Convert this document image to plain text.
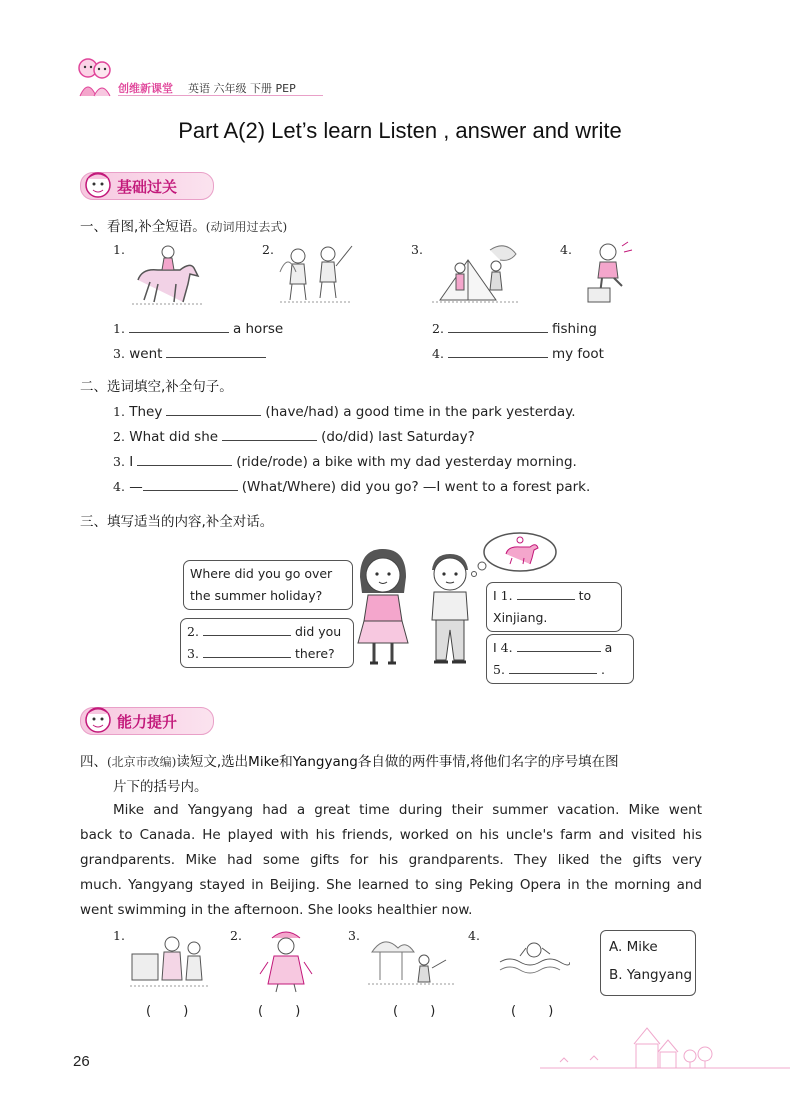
创维新课堂 英语 六年级 下册 PEP
Part A(2) Let’s learn Listen , answer and write
基础过关
一、看图,补全短语。(动词用过去式)
1.	2.	3.	4.
1.	a horse	2.	fishing
3. went	4.	my foot
二、选词填空,补全句子。
1. They	(have/had) a good time in the park yesterday.
2. What did she	(do/did) last Saturday?
3. I	(ride/rode) a bike with my dad yesterday morning.
4. —	(What/Where) did you go? —I went to a forest park.
三、填写适当的内容,补全对话。
Where did you go over
the summer holiday?
2.	did you
3.	there?
I 1.	to
Xinjiang.
I 4.	a
5.	.
能力提升
四、(北京市改编)读短文,选出Mike和Yangyang各自做的两件事情,将他们名字的序号填在图
片下的括号内。
Mike and Yangyang had a great time during their summer vacation. Mike went
back to Canada. He played with his friends, worked on his uncle's farm and visited his
grandparents. Mike had some gifts for his grandparents. They liked the gifts very
much. Yangyang stayed in Beijing. She learned to sing Peking Opera in the morning and
went swimming in the afternoon. She looks healthier now.
1.	2.	3.	4.
A. Mike
B. Yangyang
( )	( )	( )	( )
26
